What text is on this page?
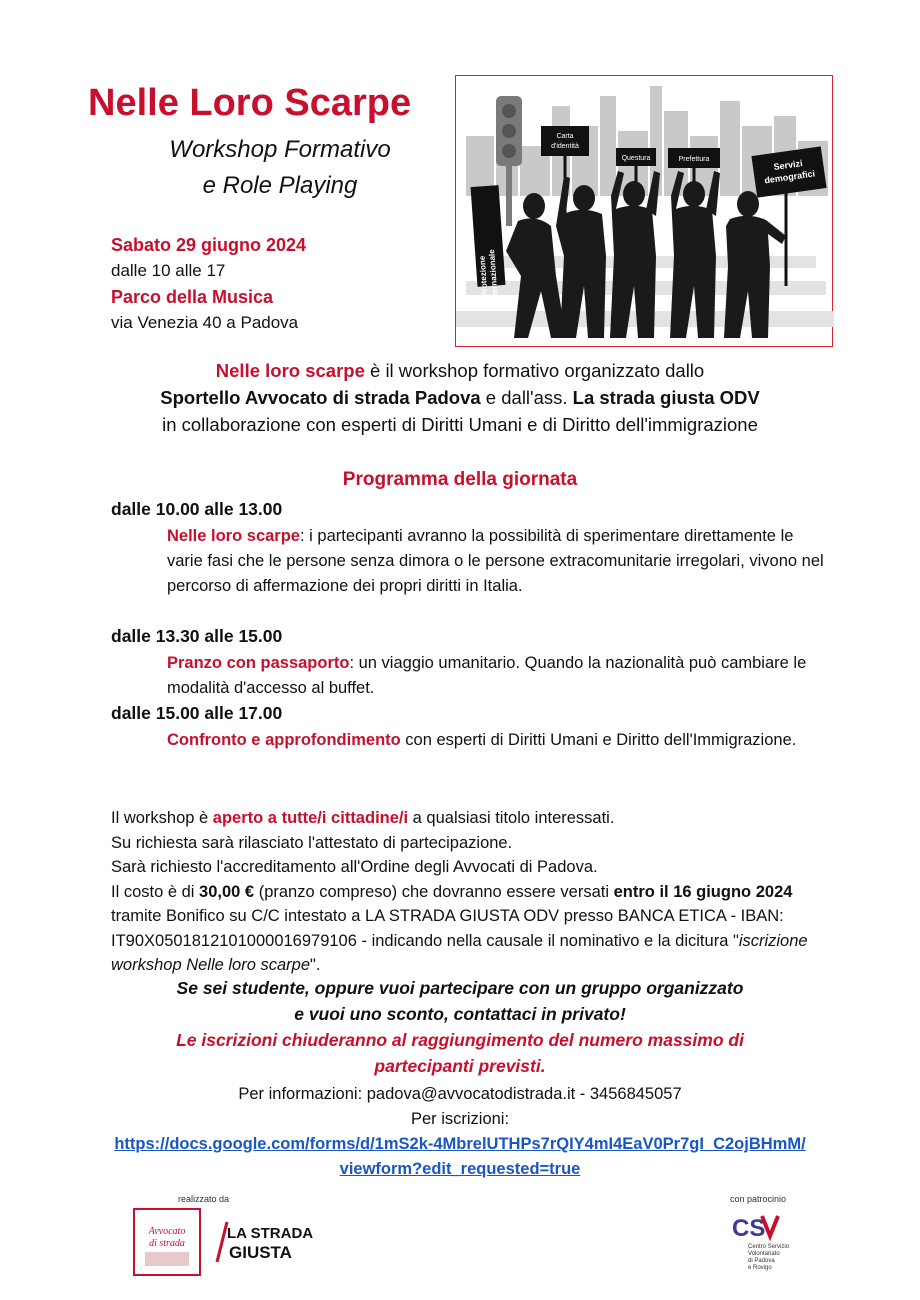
Nelle Loro Scarpe
Workshop Formativo
e Role Playing
Sabato 29 giugno 2024
dalle 10 alle 17
Parco della Musica
via Venezia 40 a Padova
Carta
d'identità
Questura	Prefettura	Servizi
demografici
Protezione
internazionale
Nelle loro scarpe è il workshop formativo organizzato dallo
Sportello Avvocato di strada Padova e dall'ass. La strada giusta ODV
in collaborazione con esperti di Diritti Umani e di Diritto dell'immigrazione
Programma della giornata
dalle 10.00 alle 13.00
Nelle loro scarpe: i partecipanti avranno la possibilità di sperimentare direttamente le varie fasi che le persone senza dimora o le persone extracomunitarie irregolari, vivono nel percorso di affermazione dei propri diritti in Italia.
dalle 13.30 alle 15.00
Pranzo con passaporto: un viaggio umanitario. Quando la nazionalità può cambiare le modalità d'accesso al buffet.
dalle 15.00 alle 17.00
Confronto e approfondimento con esperti di Diritti Umani e Diritto dell'Immigrazione.
Il workshop è aperto a tutte/i cittadine/i a qualsiasi titolo interessati.
Su richiesta sarà rilasciato l'attestato di partecipazione.
Sarà richiesto l'accreditamento all'Ordine degli Avvocati di Padova.
Il costo è di 30,00 € (pranzo compreso) che dovranno essere versati entro il 16 giugno 2024 tramite Bonifico su C/C intestato a LA STRADA GIUSTA ODV presso BANCA ETICA - IBAN: IT90X0501812101000016979106 - indicando nella causale il nominativo e la dicitura "iscrizione workshop Nelle loro scarpe".
Se sei studente, oppure vuoi partecipare con un gruppo organizzato
e vuoi uno sconto, contattaci in privato!
Le iscrizioni chiuderanno al raggiungimento del numero massimo di
partecipanti previsti.
Per informazioni: padova@avvocatodistrada.it - 3456845057
Per iscrizioni:
https://docs.google.com/forms/d/1mS2k-4MbrelUTHPs7rQIY4mI4EaV0Pr7gI_C2ojBHmM/viewform?edit_requested=true
realizzato da
Avvocato
di strada
LA STRADA
GIUSTA
con patrocinio
CS
Centro Servizio
Volontariato
di Padova
e Rovigo
